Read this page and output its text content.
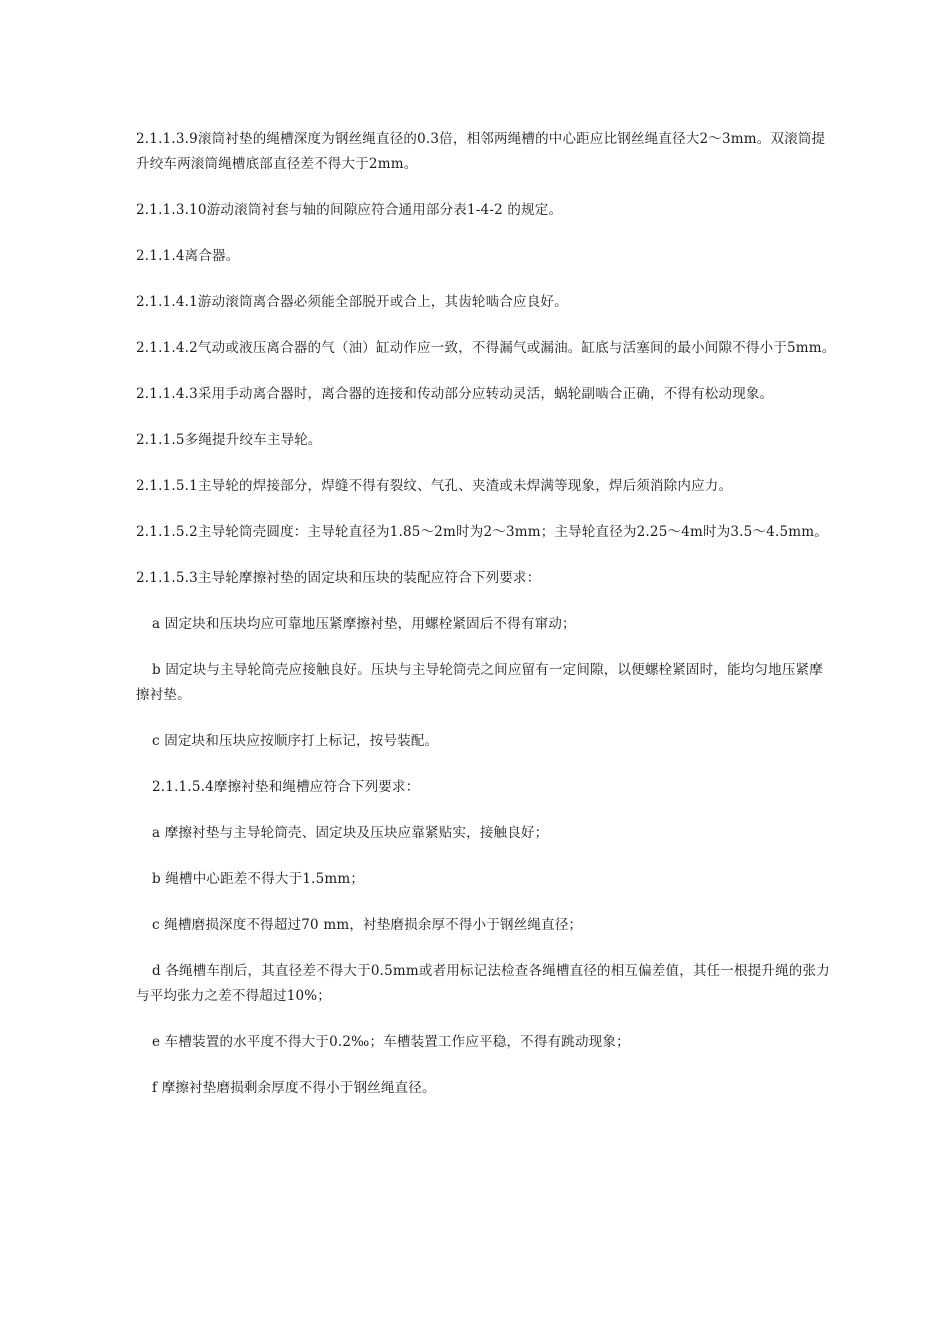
2.1.1.3.9滚筒衬垫的绳槽深度为钢丝绳直径的0.3倍，相邻两绳槽的中心距应比钢丝绳直径大2～3mm。双滚筒提升绞车两滚筒绳槽底部直径差不得大于2mm。

2.1.1.3.10游动滚筒衬套与轴的间隙应符合通用部分表1-4-2 的规定。

2.1.1.4离合器。

2.1.1.4.1游动滚筒离合器必须能全部脱开或合上，其齿轮啮合应良好。

2.1.1.4.2气动或液压离合器的气（油）缸动作应一致，不得漏气或漏油。缸底与活塞间的最小间隙不得小于5mm。

2.1.1.4.3采用手动离合器时，离合器的连接和传动部分应转动灵活，蜗轮副啮合正确，不得有松动现象。

2.1.1.5多绳提升绞车主导轮。

2.1.1.5.1主导轮的焊接部分，焊缝不得有裂纹、气孔、夹渣或未焊满等现象，焊后须消除内应力。

2.1.1.5.2主导轮筒壳圆度：主导轮直径为1.85～2m时为2～3mm；主导轮直径为2.25～4m时为3.5～4.5mm。

2.1.1.5.3主导轮摩擦衬垫的固定块和压块的装配应符合下列要求：

a 固定块和压块均应可靠地压紧摩擦衬垫，用螺栓紧固后不得有窜动；

b 固定块与主导轮筒壳应接触良好。压块与主导轮筒壳之间应留有一定间隙，以便螺栓紧固时，能均匀地压紧摩擦衬垫。

c 固定块和压块应按顺序打上标记，按号装配。

2.1.1.5.4摩擦衬垫和绳槽应符合下列要求：

a 摩擦衬垫与主导轮筒壳、固定块及压块应靠紧贴实，接触良好；

b 绳槽中心距差不得大于1.5mm；

c 绳槽磨损深度不得超过70 mm，衬垫磨损余厚不得小于钢丝绳直径；

d 各绳槽车削后，其直径差不得大于0.5mm或者用标记法检查各绳槽直径的相互偏差值，其任一根提升绳的张力与平均张力之差不得超过10%；

e 车槽装置的水平度不得大于0.2‰；车槽装置工作应平稳，不得有跳动现象；

f 摩擦衬垫磨损剩余厚度不得小于钢丝绳直径。
